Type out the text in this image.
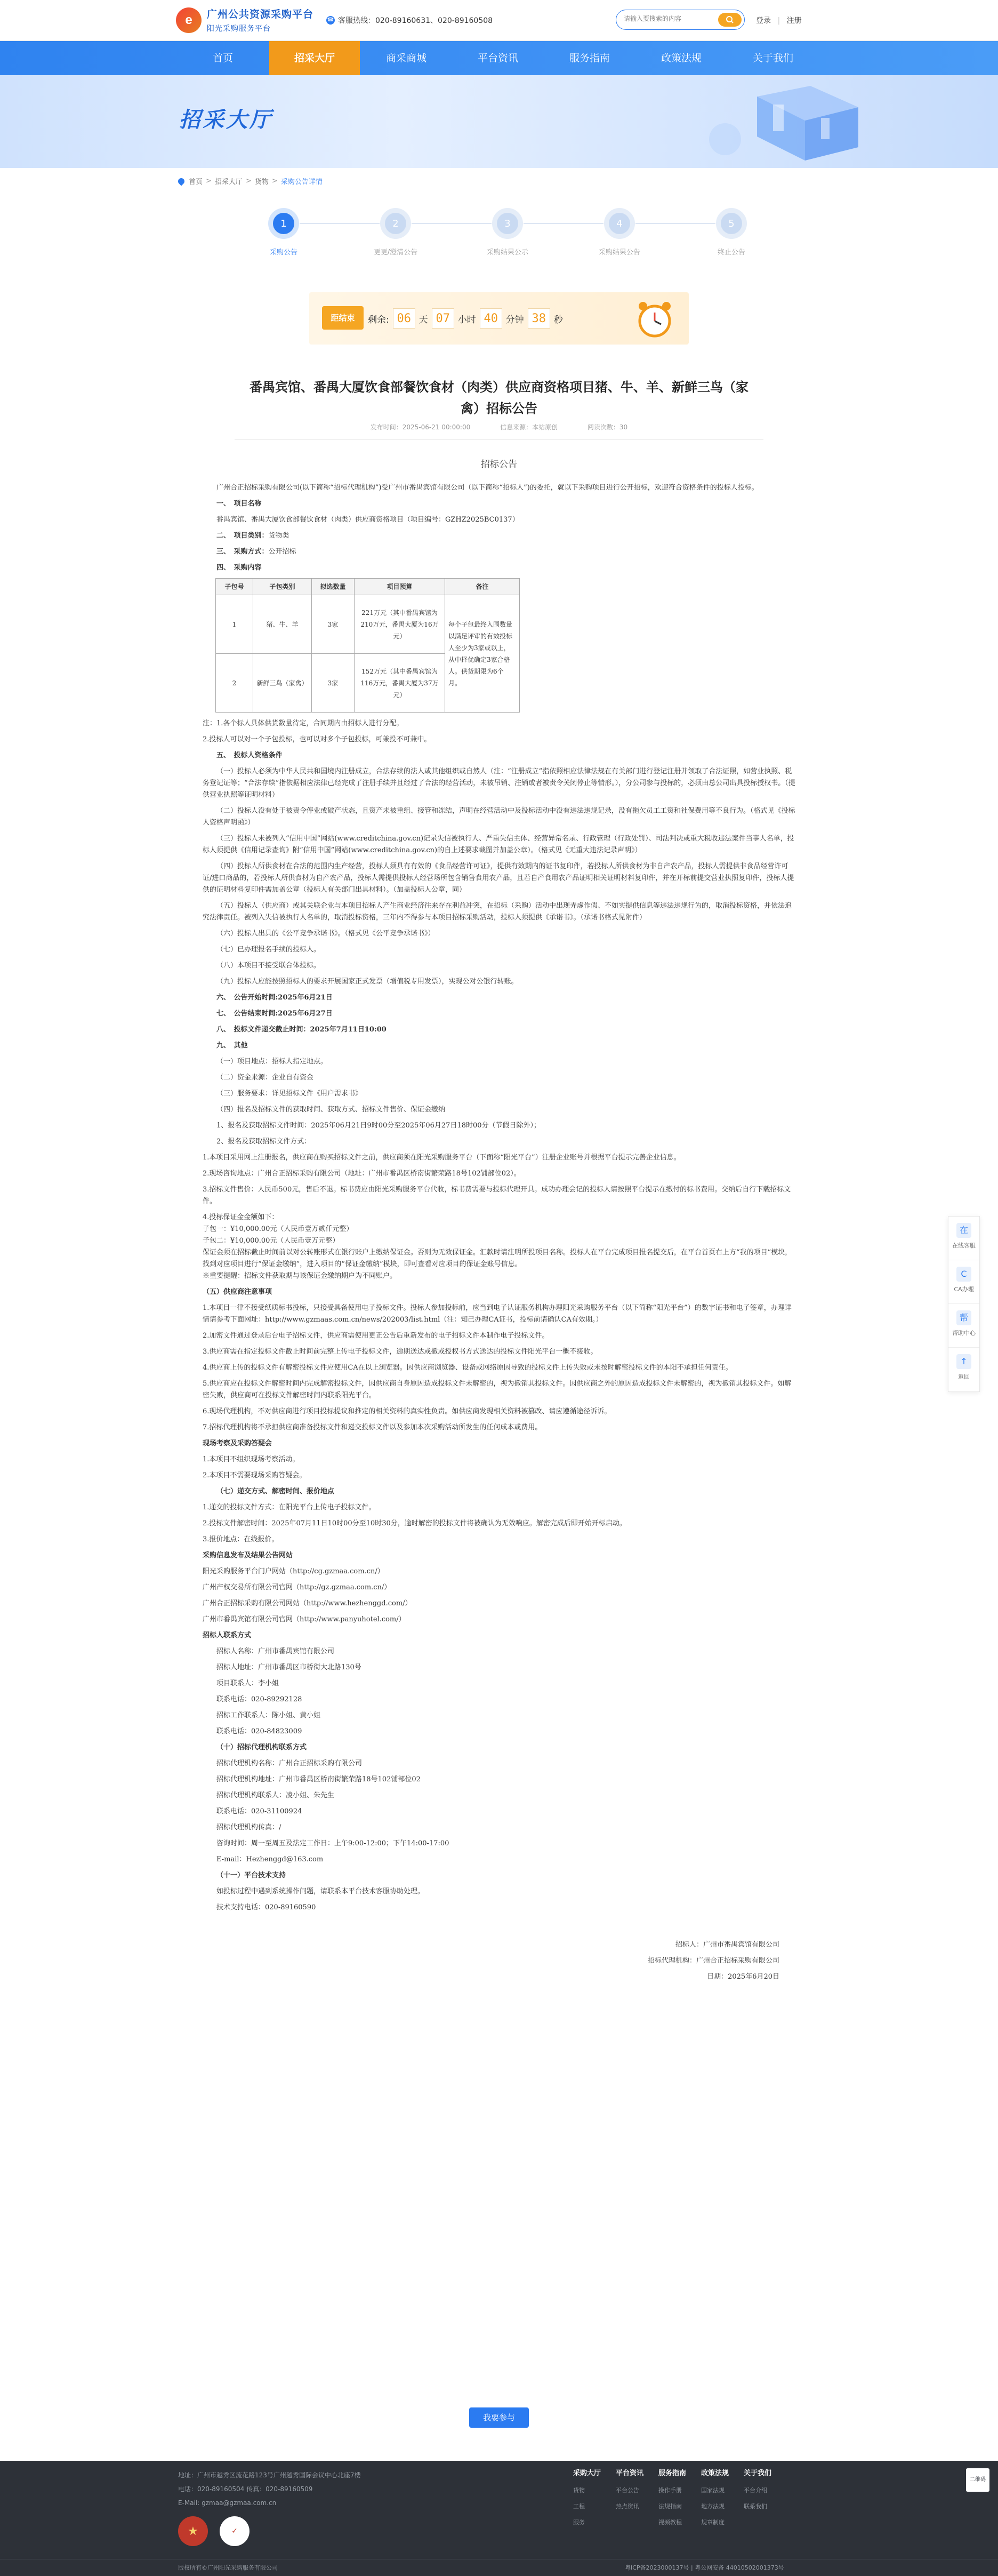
e	广州公共资源采购平台
阳光采购服务平台
☎ 客服热线： 020-89160631、020-89160508
请输入要搜索的内容	登录 | 注册
首页	招采大厅	商采商城	平台资讯	服务指南	政策法规	关于我们
招采大厅
首页 > 招采大厅 > 货物 > 采购公告详情
1
采购公告
2
更更/澄清公告
3
采购结果公示
4
采购结果公告
5
终止公告
距结束	剩余: 06 天 07 小时 40 分钟 38 秒
番禺宾馆、番禺大厦饮食部餐饮食材（肉类）供应商资格项目猪、牛、羊、新鲜三鸟（家
禽）招标公告
发布时间：2025-06-21 00:00:00	信息来源：本站原创	阅读次数：30
招标公告

广州合正招标采购有限公司(以下简称“招标代理机构”)受广州市番禺宾馆有限公司（以下简称“招标人”)的委托，就以下采购项目进行公开招标，欢迎符合资格条件的投标人投标。

一、　项目名称

番禺宾馆、番禺大厦饮食部餐饮食材（肉类）供应商资格项目（项目编号：GZHZ2025BC0137）

二、　项目类别：货物类

三、　采购方式：公开招标

四、　采购内容

子包号	子包类别	拟选数量	项目预算	备注
1	猪、牛、羊	3家	221万元（其中番禺宾馆为210万元，番禺大厦为16万元）	每个子包最终入围数量以满足评审的有效投标人至少为3家或以上，从中择优确定3家合格人。供货期限为6个月。
2	新鲜三鸟（家禽）	3家	152万元（其中番禺宾馆为116万元，番禺大厦为37万元）	

注：1.各个标人具体供货数量待定，合同期内由招标人进行分配。

2.投标人可以对一个子包投标，也可以对多个子包投标，可兼投不可兼中。

五、　投标人资格条件

（一）投标人必须为中华人民共和国境内注册成立，合法存续的法人或其他组织或自然人（注：“注册成立”指依照相应法律法规在有关部门进行登记注册并领取了合法证照，如营业执照、税务登记证等；“合法存续”指依据相应法律已经完成了注册手续并且经过了合法的经营活动，未被吊销、注销或者被责令关闭停止等情形。），分公司参与投标的，必须由总公司出具投标授权书。（提供营业执照等证明材料）

（二）投标人没有处于被责令停业或破产状态，且资产未被重组、接管和冻结，声明在经营活动中及投标活动中没有违法违规记录，没有拖欠员工工资和社保费用等不良行为。（格式见《投标人资格声明函》）

（三）投标人未被列入“信用中国”网站(www.creditchina.gov.cn)记录失信被执行人、严重失信主体、经营异常名录、行政管理（行政处罚）、司法判决或重大税收违法案件当事人名单，投标人须提供《信用记录查询》附“信用中国”网站(www.creditchina.gov.cn)的自上述要求截图并加盖公章）。（格式见《无重大违法记录声明》）

（四）投标人所供食材在合法的范围内生产经营，投标人须具有有效的《食品经营许可证》，提供有效期内的证书复印件，若投标人所供食材为非自产农产品，投标人需提供非食品经营许可证/进口商品的，若投标人所供食材为自产农产品，投标人需提供投标人经营场所包含销售食用农产品，且若自产食用农产品证明相关证明材料复印件，并在开标前提交营业执照复印件，投标人提供的证明材料复印件需加盖公章（投标人有关部门出具材料）。（加盖投标人公章，同）

（五）投标人（供应商）或其关联企业与本项目招标人产生商业经济往来存在利益冲突，在招标（采购）活动中出现弄虚作假、不如实提供信息等违法违规行为的，取消投标资格，并依法追究法律责任。被列入失信被执行人名单的，取消投标资格，三年内不得参与本项目招标采购活动，投标人须提供《承诺书》。（承诺书格式见附件）

（六）投标人出具的《公平竞争承诺书》。（格式见《公平竞争承诺书》）

（七）已办理报名手续的投标人。

（八）本项目不接受联合体投标。

（九）投标人应能按照招标人的要求开展国家正式发票（增值税专用发票），实现公对公银行转账。

六、　公告开始时间:2025年6月21日

七、　公告结束时间:2025年6月27日

八、　投标文件递交截止时间：2025年7月11日10:00

九、　其他

（一）项目地点：招标人指定地点。

（二）资金来源：企业自有资金

（三）服务要求：详见招标文件《用户需求书》

（四）报名及招标文件的获取时间、获取方式、招标文件售价、保证金缴纳

1、报名及获取招标文件时间：2025年06月21日9时00分至2025年06月27日18时00分（节假日除外）；

2、报名及获取招标文件方式：

1.本项目采用网上注册报名，供应商在购买招标文件之前，供应商须在阳光采购服务平台（下面称“阳光平台”）注册企业账号并根据平台提示完善企业信息。

2.现场咨询地点：广州合正招标采购有限公司（地址：广州市番禺区桥南街繁荣路18号102铺部位02）。

3.招标文件售价：人民币500元，售后不退。标书费应由阳光采购服务平台代收，标书费需要与投标代理开具。成功办理会记的投标人请按照平台提示在缴付的标书费用。交纳后自行下载招标文件。

4.投标保证金金额如下：

子包一：¥10,000.00元（人民币壹万贰仟元整）

子包二：¥10,000.00元（人民币壹万元整）

保证金须在招标截止时间前以对公转账形式在银行账户上缴纳保证金。否则为无效保证金。汇款时请注明所投项目名称。投标人在平台完成项目报名提交后，在平台首页右上方“我的项目”模块，找到对应项目进行“保证金缴纳”，进入项目的“保证金缴纳”模块，即可查看对应项目的保证金账号信息。

※重要提醒：招标文件获取期与该保证金缴纳期户为不同账户。

（五）供应商注意事项

1.本项目一律不接受纸质标书投标，只接受具备使用电子投标文件。投标人参加投标前，应当到电子认证服务机构办理阳光采购服务平台（以下简称“阳光平台”）的数字证书和电子签章，办理详情请参考下面网址：http://www.gzmaas.com.cn/news/202003/list.html（注：知己办理CA证书，投标前请确认CA有效期。）

2.加密文件通过登录后台电子招标文件，供应商需使用更正公告后重新发布的电子招标文件本制作电子投标文件。

3.供应商需在指定投标文件截止时间前完整上传电子投标文件，逾期送达或撤或授权书方式送达的投标文件阳光平台一概不接收。

4.供应商上传的投标文件有解密投标文件应使用CA在以上浏览器。因供应商浏览器、设备或网络原因导致的投标文件上传失败或未按时解密投标文件的本阳不承担任何责任。

5.供应商应在投标文件解密时间内完成解密投标文件，因供应商自身原因造成投标文件未解密的，视为撤销其投标文件。因供应商之外的原因造成投标文件未解密的，视为撤销其投标文件。如解密失败，供应商可在投标文件解密时间内联系阳光平台。

6.现场代理机构，不对供应商进行项目投标提议和推定的相关资料的真实性负责。如供应商发现相关资料被篡改、请应遵循途径诉诉。

7.招标代理机构将不承担供应商准备投标文件和递交投标文件以及参加本次采购活动所发生的任何成本或费用。

现场考察及采购答疑会

1.本项目不组织现场考察活动。

2.本项目不需要现场采购答疑会。

（七）递交方式、解密时间、报价地点

1.递交的投标文件方式：在阳光平台上传电子投标文件。

2.投标文件解密时间：2025年07月11日10时00分至10时30分，逾时解密的投标文件将被确认为无效响应。解密完成后即开始开标启动。

3.报价地点：在线报价。

采购信息发布及结果公告网站

阳光采购服务平台门户网站（http://cg.gzmaa.com.cn/）

广州产权交易所有限公司官网（http://gz.gzmaa.com.cn/）

广州合正招标采购有限公司网站（http://www.hezhenggd.com/）

广州市番禺宾馆有限公司官网（http://www.panyuhotel.com/）

招标人联系方式

招标人名称：广州市番禺宾馆有限公司

招标人地址：广州市番禺区市桥街大北路130号

项目联系人：李小姐

联系电话：020-89292128

招标工作联系人：陈小姐、黄小姐

联系电话：020-84823009

（十）招标代理机构联系方式

招标代理机构名称：广州合正招标采购有限公司

招标代理机构地址：广州市番禺区桥南街繁荣路18号102铺部位02

招标代理机构联系人：凌小姐、朱先生

联系电话：020-31100924

招标代理机构传真：/

咨询时间：周一至周五及法定工作日：上午9:00-12:00；下午14:00-17:00

E-mail：Hezhenggd@163.com

（十一）平台技术支持

如投标过程中遇到系统操作问题，请联系本平台技术客服协助处理。

技术支持电话：020-89160590

招标人：广州市番禺宾馆有限公司

招标代理机构：广州合正招标采购有限公司

日期：2025年6月20日

我要参与
在
在线客服
C
CA办理
帮
帮助中心
↑
返回
地址：广州市越秀区流花路123号广州越秀国际会议中心北座7楼
电话：020-89160504 传真：020-89160509
E-Mail: gzmaa@gzmaa.com.cn
★	✓
采购大厅
货物
工程
服务
平台资讯
平台公告
热点资讯
服务指南
操作手册
法规指南
视频教程
政策法规
国家法规
地方法规
规章制度
关于我们
平台介绍
联系我们
二维码
版权所有©广州阳光采购服务有限公司	粤ICP备2023000137号 | 粤公网安备 44010502001373号
